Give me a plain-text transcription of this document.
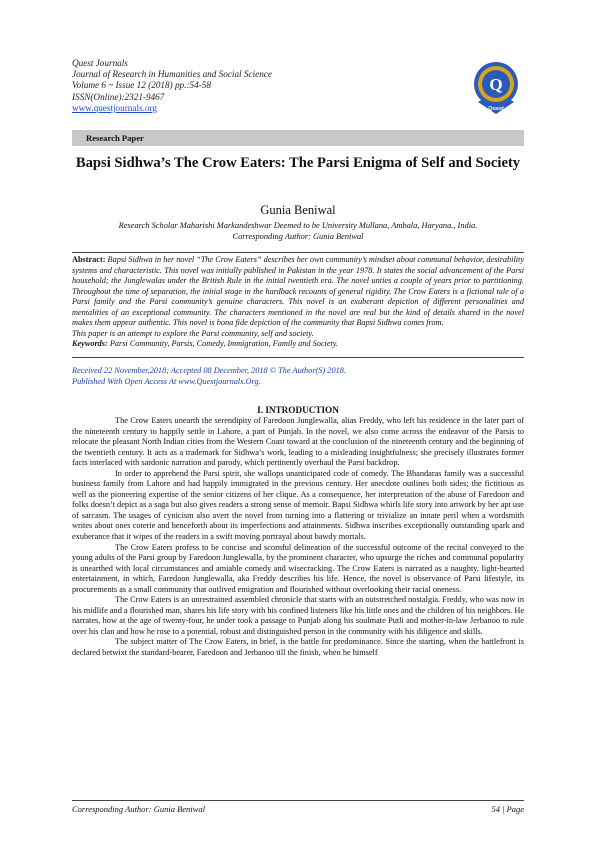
Quest Journals
Journal of Research in Humanities and Social Science
Volume 6 ~ Issue 12 (2018) pp.:54-58
ISSN(Online):2321-9467
www.questjournals.org
Q
Quest
Research Paper
Bapsi Sidhwa’s The Crow Eaters: The Parsi Enigma of Self and Society
Gunia Beniwal
Research Scholar Maharishi Markandeshwar Deemed to be University Mullana, Ambala, Haryana., India.
Corresponding Author: Gunia Beniwal
Abstract: Bapsi Sidhwa in her novel “The Crow Eaters” describes her own community’s mindset about communal behavior, desirability systems and characteristic. This novel was initially published in Pakistan in the year 1978. It states the social advancement of the Parsi household; the Junglewalas under the British Rule in the initial twentieth era. The novel unties a couple of years prior to partitioning. Throughout the time of separation, the initial stage in the hardback recounts of general rigidity. The Crow Eaters is a fictional tale of a Parsi family and the Parsi community’s genuine characters. This novel is an exuberant depiction of different personalities and mentalities of an exceptional community. The characters mentioned in the novel are real but the kind of details shared in the novel makes them appear authentic. This novel is bona fide depiction of the community that Bapsi Sidhwa comes from.
This paper is an attempt to explore the Parsi community, self and society.
Keywords: Parsi Community, Parsis, Comedy, Immigration, Family and Society.
Received 22 November,2018; Accepted 08 December, 2018 © The Author(S) 2018.
Published With Open Access At www.Questjournals.Org.
I. INTRODUCTION

The Crow Eaters unearth the serendipity of Faredoon Junglewalla, alias Freddy, who left his residence in the later part of the nineteenth century to happily settle in Lahore, a part of Punjab. In the novel, we also come across the endeavor of the Parsis to relocate the pleasant North Indian cities from the Western Coast toward at the conclusion of the nineteenth century and the beginning of the twentieth century. It acts as a trademark for Sidhwa’s work, leading to a misleading insightfulness; she precisely illustrates former facts interlaced with sardonic narration and parody, which pertinently overhaul the Parsi backdrop.

In order to apprehend the Parsi spirit, she wallops unanticipated code of comedy. The Bhandaras family was a successful business family from Lahore and had happily immigrated in the previous century. Her anecdote outlines both sides; the fictitious as well as the pioneering expertise of the senior citizens of her clique. As a consequence, her interpretation of the abuse of Faredoon and folks doesn’t depict as a saga but also gives readers a strong sense of memoir. Bapsi Sidhwa whirls life story into artwork by her apt use of sarcasm. The usages of cynicism also avert the novel from turning into a flattering or trivialize an innate peril when a wordsmith writes about ones coterie and henceforth about its imperfections and attainments. Sidhwa inscribes exceptionally outstanding spark and exuberance that it wipes of the readers in a swift moving portrayal about bawdy mortals.

The Crow Eaters profess to be concise and scornful delineation of the successful outcome of the recital conveyed to the young adults of the Parsi group by Faredoon Junglewalla, by the prominent character, who upsurge the riches and communal popularity is unearthed with local circumstances and amiable comedy and wisecracking. The Crow Eaters is narrated as a naughty, light-hearted entertainment, in which, Faredoon Junglewalla, aka Freddy describes his life. Hence, the novel is observance of Parsi lifestyle, its procurements as a small community that outlived emigration and flourished without overlooking their racial oneness.

The Crow Eaters is an unrestrained assembled chronicle that starts with an outstretched nostalgia. Freddy, who was now in his midlife and a flourished man, shares his life story with his confined listeners like his little ones and the children of his neighbors. He narrates, how at the age of twenty-four, he under took a passage to Punjab along his soulmate Putli and mother-in-law Jerbanoo to rule over his clan and how he rose to a potential, robust and distinguished person in the community with his diligence and skills.

The subject matter of The Crow Eaters, in brief, is the battle for predominance. Since the starting, when the battlefront is declared betwixt the standard-bearer, Faredoon and Jerbanoo till the finish, when he himself

Corresponding Author: Gunia Beniwal	54 | Page
